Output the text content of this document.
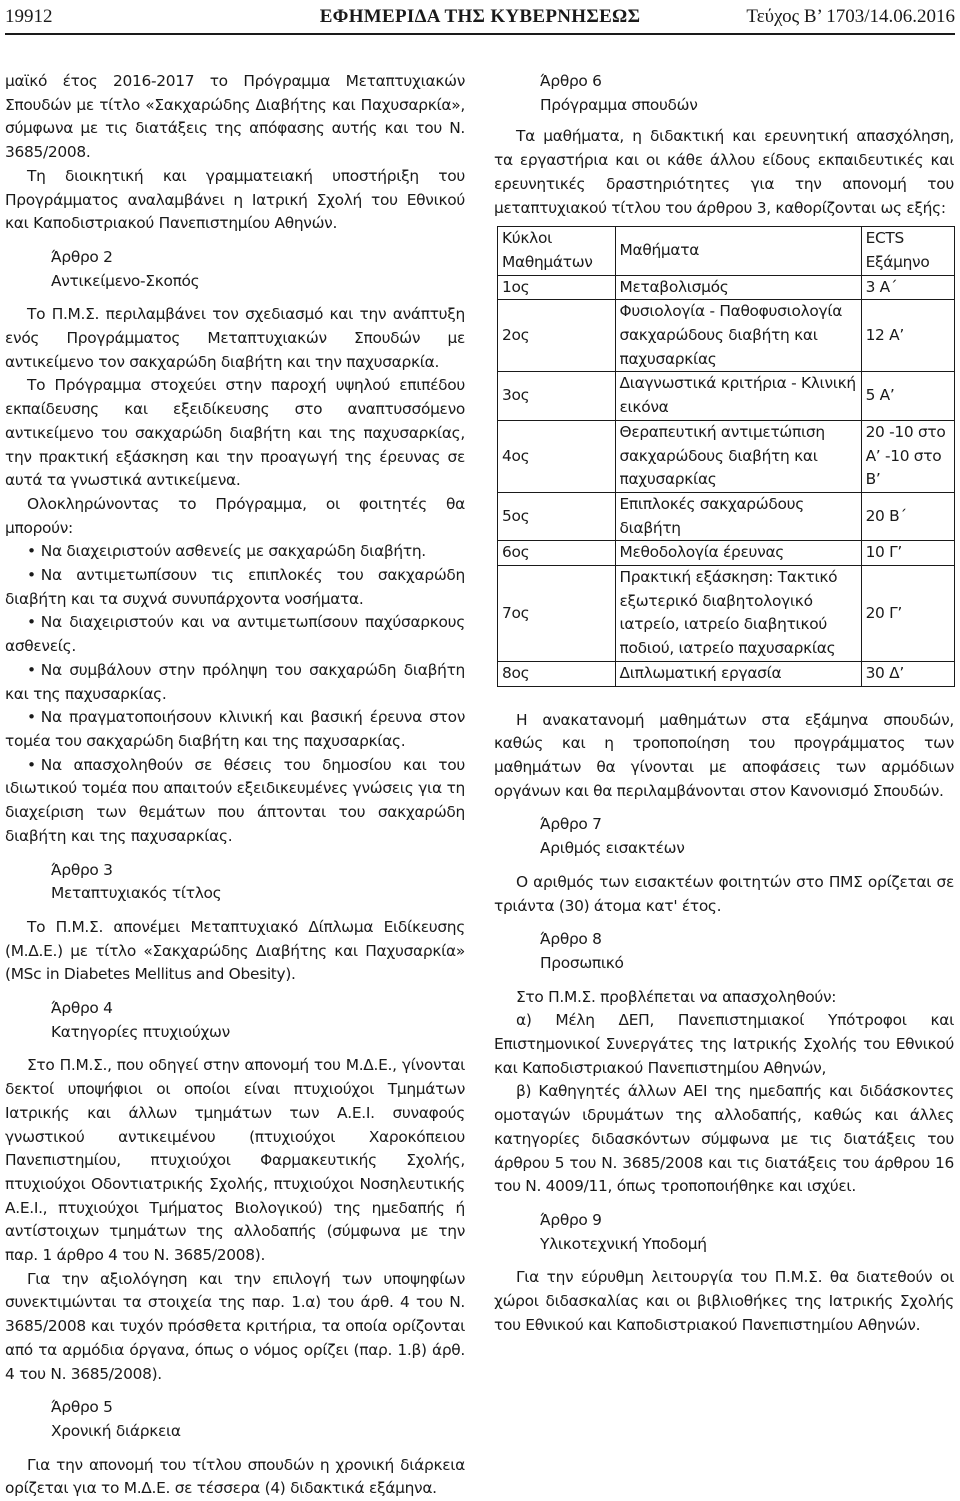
ΕΦΗΜΕΡΙΔΑ ΤΗΣ ΚΥΒΕΡΝΗΣΕΩΣ
19912	Τεύχος Β’ 1703/14.06.2016

μαϊκό έτος 2016-2017 το Πρόγραμμα Μεταπτυχιακών Σπουδών με τίτλο «Σακχαρώδης Διαβήτης και Παχυσαρκία», σύμφωνα με τις διατάξεις της απόφασης αυτής και του Ν. 3685/2008.

Τη διοικητική και γραμματειακή υποστήριξη του Προγράμματος αναλαμβάνει η Ιατρική Σχολή του Εθνικού και Καποδιστριακού Πανεπιστημίου Αθηνών.

Άρθρο 2

Αντικείμενο-Σκοπός

Το Π.Μ.Σ. περιλαμβάνει τον σχεδιασμό και την ανάπτυξη ενός Προγράμματος Μεταπτυχιακών Σπουδών με αντικείμενο τον σακχαρώδη διαβήτη και την παχυσαρκία.

Το Πρόγραμμα στοχεύει στην παροχή υψηλού επιπέδου εκπαίδευσης και εξειδίκευσης στο αναπτυσσόμενο αντικείμενο του σακχαρώδη διαβήτη και της παχυσαρκίας, την πρακτική εξάσκηση και την προαγωγή της έρευνας σε αυτά τα γνωστικά αντικείμενα.

Ολοκληρώνοντας το Πρόγραμμα, οι φοιτητές θα μπορούν:

• Να διαχειριστούν ασθενείς με σακχαρώδη διαβήτη.

• Να αντιμετωπίσουν τις επιπλοκές του σακχαρώδη διαβήτη και τα συχνά συνυπάρχοντα νοσήματα.

• Να διαχειριστούν και να αντιμετωπίσουν παχύσαρκους ασθενείς.

• Να συμβάλουν στην πρόληψη του σακχαρώδη διαβήτη και της παχυσαρκίας.

• Να πραγματοποιήσουν κλινική και βασική έρευνα στον τομέα του σακχαρώδη διαβήτη και της παχυσαρκίας.

• Να απασχοληθούν σε θέσεις του δημοσίου και του ιδιωτικού τομέα που απαιτούν εξειδικευμένες γνώσεις για τη διαχείριση των θεμάτων που άπτονται του σακχαρώδη διαβήτη και της παχυσαρκίας.

Άρθρο 3

Μεταπτυχιακός τίτλος

Το Π.Μ.Σ. απονέμει Μεταπτυχιακό Δίπλωμα Ειδίκευσης (Μ.Δ.Ε.) με τίτλο «Σακχαρώδης Διαβήτης και Παχυσαρκία» (MSc in Diabetes Mellitus and Obesity).

Άρθρο 4

Κατηγορίες πτυχιούχων

Στο Π.Μ.Σ., που οδηγεί στην απονομή του Μ.Δ.Ε., γίνονται δεκτοί υποψήφιοι οι οποίοι είναι πτυχιούχοι Τμημάτων Ιατρικής και άλλων τμημάτων των Α.Ε.Ι. συναφούς γνωστικού αντικειμένου (πτυχιούχοι Χαροκόπειου Πανεπιστημίου, πτυχιούχοι Φαρμακευτικής Σχολής, πτυχιούχοι Οδοντιατρικής Σχολής, πτυχιούχοι Νοσηλευτικής Α.Ε.Ι., πτυχιούχοι Τμήματος Βιολογικού) της ημεδαπής ή αντίστοιχων τμημάτων της αλλοδαπής (σύμφωνα με την παρ. 1 άρθρο 4 του Ν. 3685/2008).

Για την αξιολόγηση και την επιλογή των υποψηφίων συνεκτιμώνται τα στοιχεία της παρ. 1.α) του άρθ. 4 του Ν. 3685/2008 και τυχόν πρόσθετα κριτήρια, τα οποία ορίζονται από τα αρμόδια όργανα, όπως ο νόμος ορίζει (παρ. 1.β) άρθ. 4 του Ν. 3685/2008).

Άρθρο 5

Χρονική διάρκεια

Για την απονομή του τίτλου σπουδών η χρονική διάρκεια ορίζεται για το Μ.Δ.Ε. σε τέσσερα (4) διδακτικά εξάμηνα.

Άρθρο 6

Πρόγραμμα σπουδών

Τα μαθήματα, η διδακτική και ερευνητική απασχόληση, τα εργαστήρια και οι κάθε άλλου είδους εκπαιδευτικές και ερευνητικές δραστηριότητες για την απονομή του μεταπτυχιακού τίτλου του άρθρου 3, καθορίζονται ως εξής:

Κύκλοι Μαθημάτων	Μαθήματα	ECTS Εξάμηνο
1ος	Μεταβολισμός	3 Α΄
2ος	Φυσιολογία - Παθοφυσιολογία σακχαρώδους διαβήτη και παχυσαρκίας	12 Α’
3ος	Διαγνωστικά κριτήρια - Κλινική εικόνα	5 Α’
4ος	Θεραπευτική αντιμετώπιση σακχαρώδους διαβήτη και παχυσαρκίας	20 -10 στο Α’ -10 στο Β’
5ος	Επιπλοκές σακχαρώδους διαβήτη	20 Β΄
6ος	Μεθοδολογία έρευνας	10 Γ’
7ος	Πρακτική εξάσκηση: Τακτικό εξωτερικό διαβητολογικό ιατρείο, ιατρείο διαβητικού ποδιού, ιατρείο παχυσαρκίας	20 Γ’
8ος	Διπλωματική εργασία	30 Δ’

Η ανακατανομή μαθημάτων στα εξάμηνα σπουδών, καθώς και η τροποποίηση του προγράμματος των μαθημάτων θα γίνονται με αποφάσεις των αρμόδιων οργάνων και θα περιλαμβάνονται στον Κανονισμό Σπουδών.

Άρθρο 7

Αριθμός εισακτέων

Ο αριθμός των εισακτέων φοιτητών στο ΠΜΣ ορίζεται σε τριάντα (30) άτομα κατ' έτος.

Άρθρο 8

Προσωπικό

Στο Π.Μ.Σ. προβλέπεται να απασχοληθούν:

α) Μέλη ΔΕΠ, Πανεπιστημιακοί Υπότροφοι και Επιστημονικοί Συνεργάτες της Ιατρικής Σχολής του Εθνικού και Καποδιστριακού Πανεπιστημίου Αθηνών,

β) Καθηγητές άλλων ΑΕΙ της ημεδαπής και διδάσκοντες ομοταγών ιδρυμάτων της αλλοδαπής, καθώς και άλλες κατηγορίες διδασκόντων σύμφωνα με τις διατάξεις του άρθρου 5 του Ν. 3685/2008 και τις διατάξεις του άρθρου 16 του Ν. 4009/11, όπως τροποποιήθηκε και ισχύει.

Άρθρο 9

Υλικοτεχνική Υποδομή

Για την εύρυθμη λειτουργία του Π.Μ.Σ. θα διατεθούν οι χώροι διδασκαλίας και οι βιβλιοθήκες της Ιατρικής Σχολής του Εθνικού και Καποδιστριακού Πανεπιστημίου Αθηνών.
